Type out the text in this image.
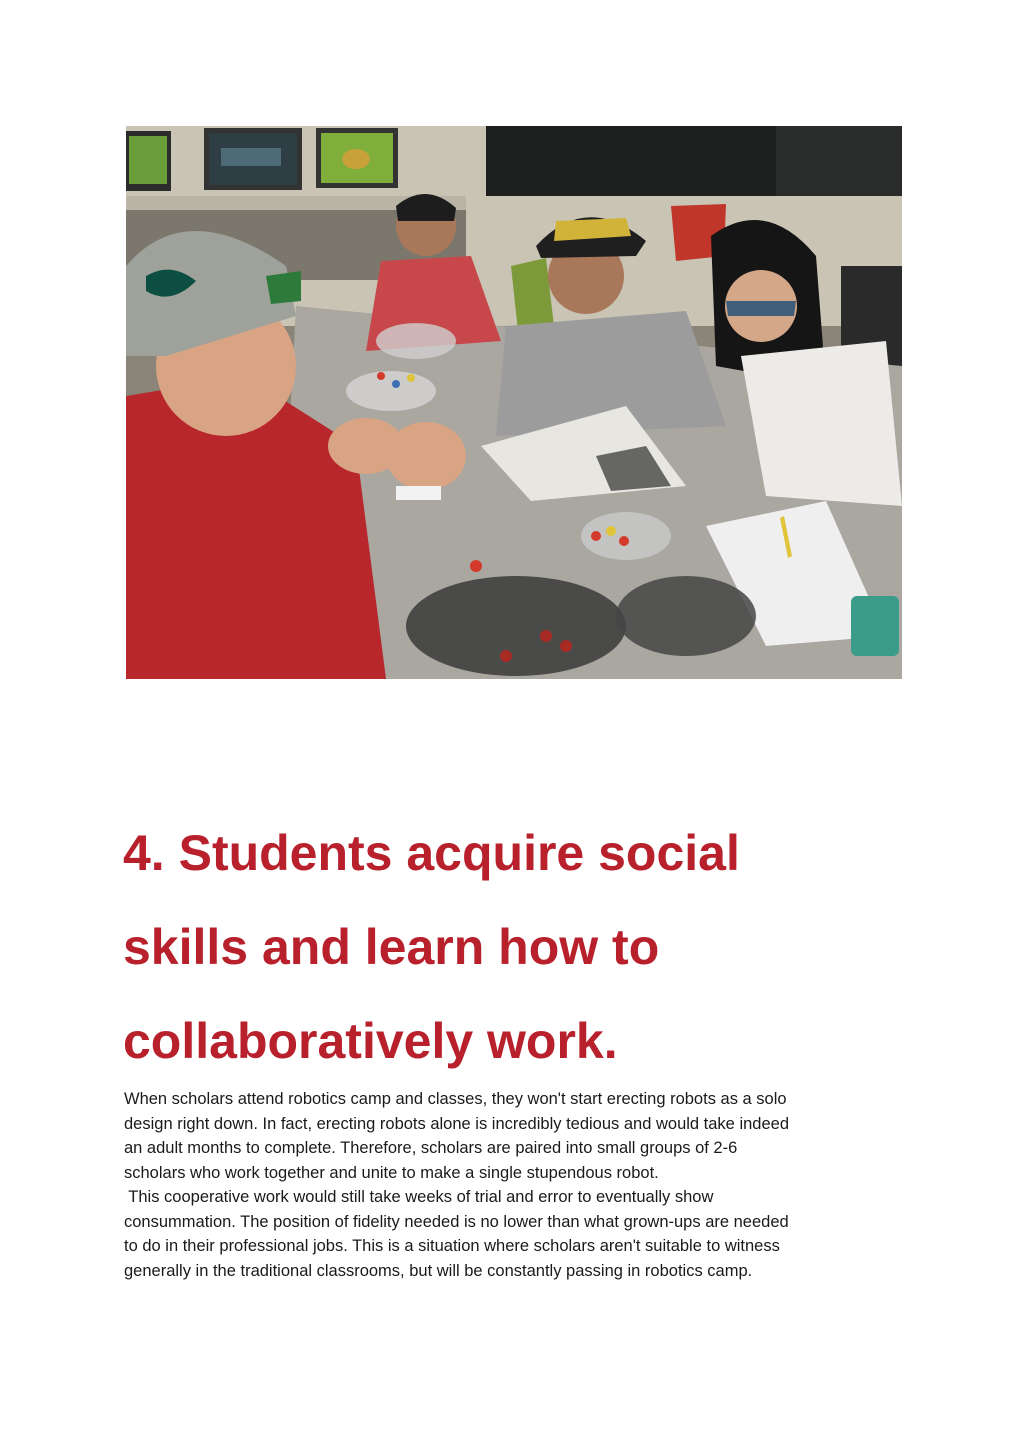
4. Students acquire social
skills and learn how to
collaboratively work.

When scholars attend robotics camp and classes, they won't start erecting robots as a solo
design right down. In fact, erecting robots alone is incredibly tedious and would take indeed
an adult months to complete. Therefore, scholars are paired into small groups of 2-6
scholars who work together and unite to make a single stupendous robot.
This cooperative work would still take weeks of trial and error to eventually show
consummation. The position of fidelity needed is no lower than what grown-ups are needed
to do in their professional jobs. This is a situation where scholars aren't suitable to witness
generally in the traditional classrooms, but will be constantly passing in robotics camp.
